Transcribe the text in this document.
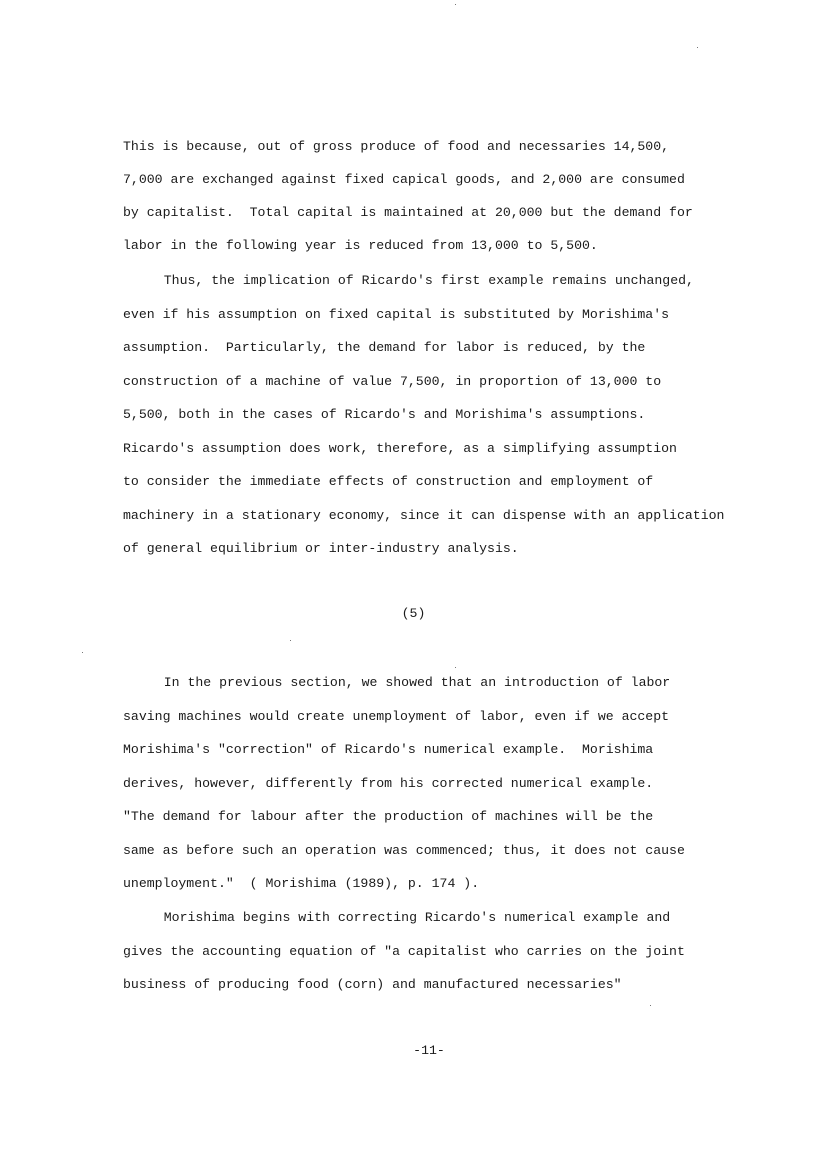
This is because, out of gross produce of food and necessaries 14,500,

7,000 are exchanged against fixed capical goods, and 2,000 are consumed

by capitalist.  Total capital is maintained at 20,000 but the demand for

labor in the following year is reduced from 13,000 to 5,500.

Thus, the implication of Ricardo's first example remains unchanged,

even if his assumption on fixed capital is substituted by Morishima's

assumption.  Particularly, the demand for labor is reduced, by the

construction of a machine of value 7,500, in proportion of 13,000 to

5,500, both in the cases of Ricardo's and Morishima's assumptions.

Ricardo's assumption does work, therefore, as a simplifying assumption

to consider the immediate effects of construction and employment of

machinery in a stationary economy, since it can dispense with an application

of general equilibrium or inter-industry analysis.

(5)

In the previous section, we showed that an introduction of labor

saving machines would create unemployment of labor, even if we accept

Morishima's "correction" of Ricardo's numerical example.  Morishima

derives, however, differently from his corrected numerical example.

"The demand for labour after the production of machines will be the

same as before such an operation was commenced; thus, it does not cause

unemployment."  ( Morishima (1989), p. 174 ).

Morishima begins with correcting Ricardo's numerical example and

gives the accounting equation of "a capitalist who carries on the joint

business of producing food (corn) and manufactured necessaries"

-11-
